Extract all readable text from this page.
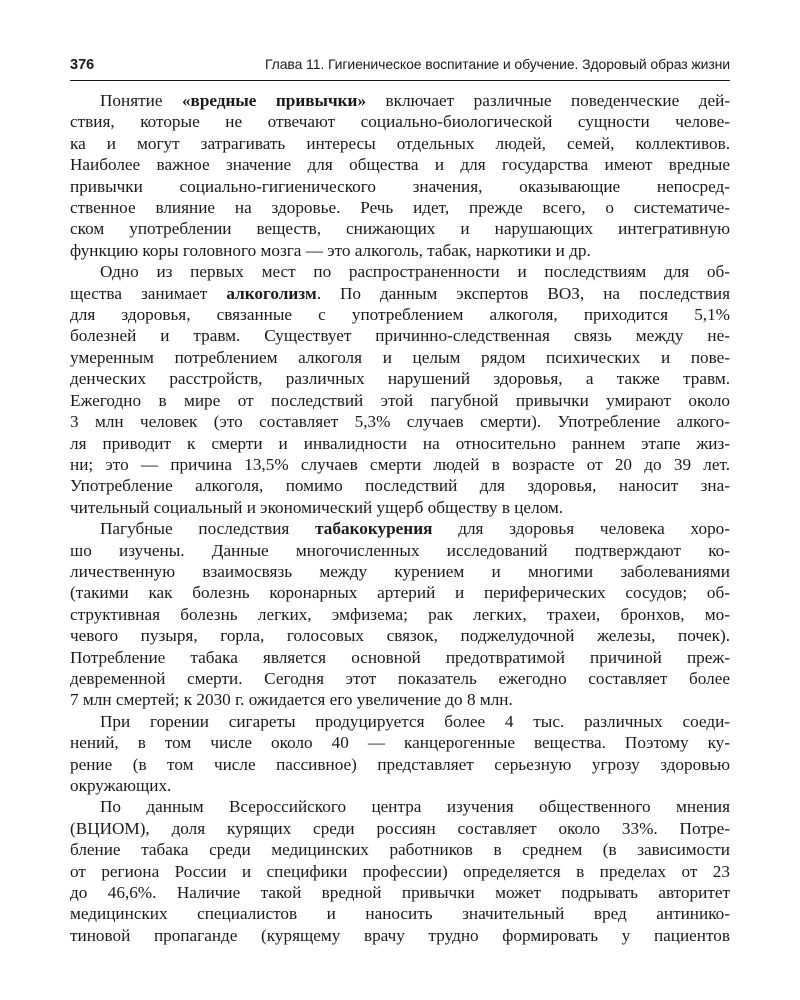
376	Глава 11. Гигиеническое воспитание и обучение. Здоровый образ жизни
Понятие «вредные привычки» включает различные поведенческие дей-
ствия, которые не отвечают социально-биологической сущности челове-
ка и могут затрагивать интересы отдельных людей, семей, коллективов.
Наиболее важное значение для общества и для государства имеют вредные
привычки социально-гигиенического значения, оказывающие непосред-
ственное влияние на здоровье. Речь идет, прежде всего, о систематиче-
ском употреблении веществ, снижающих и нарушающих интегративную
функцию коры головного мозга — это алкоголь, табак, наркотики и др.
Одно из первых мест по распространенности и последствиям для об-
щества занимает алкоголизм. По данным экспертов ВОЗ, на последствия
для здоровья, связанные с употреблением алкоголя, приходится 5,1%
болезней и травм. Существует причинно-следственная связь между не-
умеренным потреблением алкоголя и целым рядом психических и пове-
денческих расстройств, различных нарушений здоровья, а также травм.
Ежегодно в мире от последствий этой пагубной привычки умирают около
3 млн человек (это составляет 5,3% случаев смерти). Употребление алкого-
ля приводит к смерти и инвалидности на относительно раннем этапе жиз-
ни; это — причина 13,5% случаев смерти людей в возрасте от 20 до 39 лет.
Употребление алкоголя, помимо последствий для здоровья, наносит зна-
чительный социальный и экономический ущерб обществу в целом.
Пагубные последствия табакокурения для здоровья человека хоро-
шо изучены. Данные многочисленных исследований подтверждают ко-
личественную взаимосвязь между курением и многими заболеваниями
(такими как болезнь коронарных артерий и периферических сосудов; об-
структивная болезнь легких, эмфизема; рак легких, трахеи, бронхов, мо-
чевого пузыря, горла, голосовых связок, поджелудочной железы, почек).
Потребление табака является основной предотвратимой причиной преж-
девременной смерти. Сегодня этот показатель ежегодно составляет более
7 млн смертей; к 2030 г. ожидается его увеличение до 8 млн.
При горении сигареты продуцируется более 4 тыс. различных соеди-
нений, в том числе около 40 — канцерогенные вещества. Поэтому ку-
рение (в том числе пассивное) представляет серьезную угрозу здоровью
окружающих.
По данным Всероссийского центра изучения общественного мнения
(ВЦИОМ), доля курящих среди россиян составляет около 33%. Потре-
бление табака среди медицинских работников в среднем (в зависимости
от региона России и специфики профессии) определяется в пределах от 23
до 46,6%. Наличие такой вредной привычки может подрывать авторитет
медицинских специалистов и наносить значительный вред антинико-
тиновой пропаганде (курящему врачу трудно формировать у пациентов
